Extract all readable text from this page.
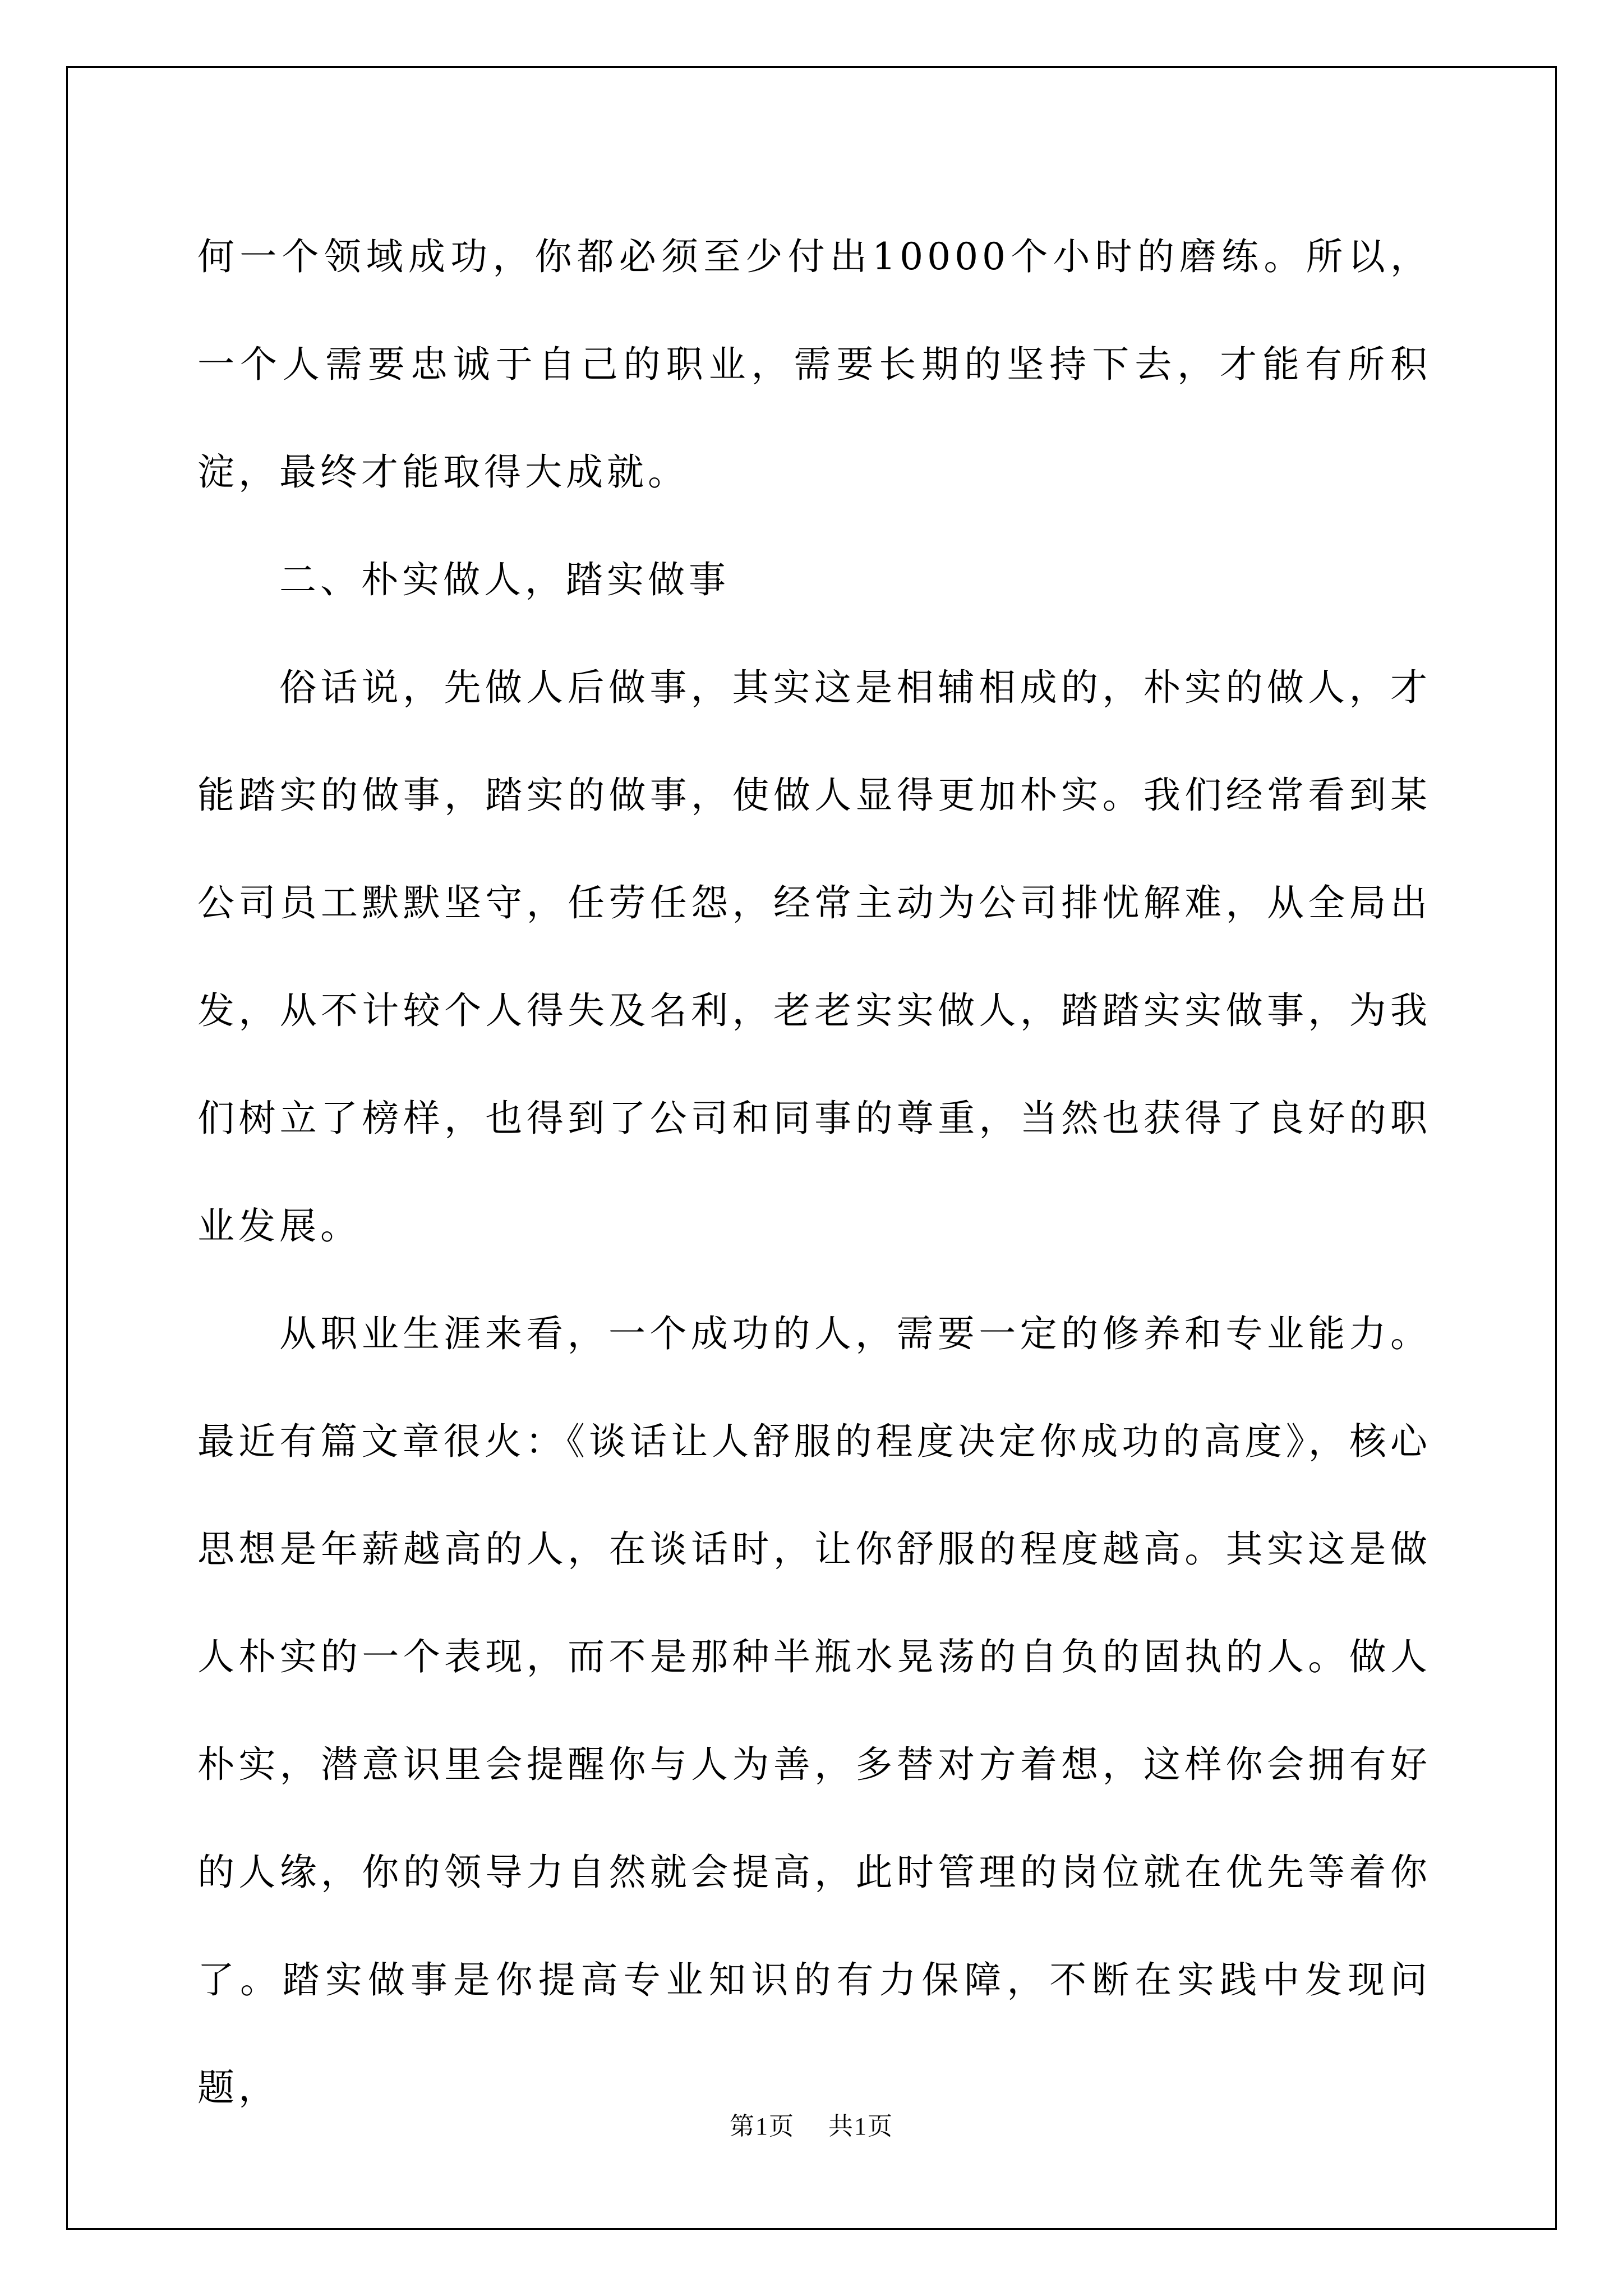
何一个领域成功，你都必须至少付出10000个小时的磨练。所以，一个人需要忠诚于自己的职业，需要长期的坚持下去，才能有所积淀，最终才能取得大成就。

二、朴实做人，踏实做事

俗话说，先做人后做事，其实这是相辅相成的，朴实的做人，才能踏实的做事，踏实的做事，使做人显得更加朴实。我们经常看到某公司员工默默坚守，任劳任怨，经常主动为公司排忧解难，从全局出发，从不计较个人得失及名利，老老实实做人，踏踏实实做事，为我们树立了榜样，也得到了公司和同事的尊重，当然也获得了良好的职业发展。

从职业生涯来看，一个成功的人，需要一定的修养和专业能力。最近有篇文章很火：《谈话让人舒服的程度决定你成功的高度》，核心思想是年薪越高的人，在谈话时，让你舒服的程度越高。其实这是做人朴实的一个表现，而不是那种半瓶水晃荡的自负的固执的人。做人朴实，潜意识里会提醒你与人为善，多替对方着想，这样你会拥有好的人缘，你的领导力自然就会提高，此时管理的岗位就在优先等着你了。踏实做事是你提高专业知识的有力保障，不断在实践中发现问题，

第1页 共1页
